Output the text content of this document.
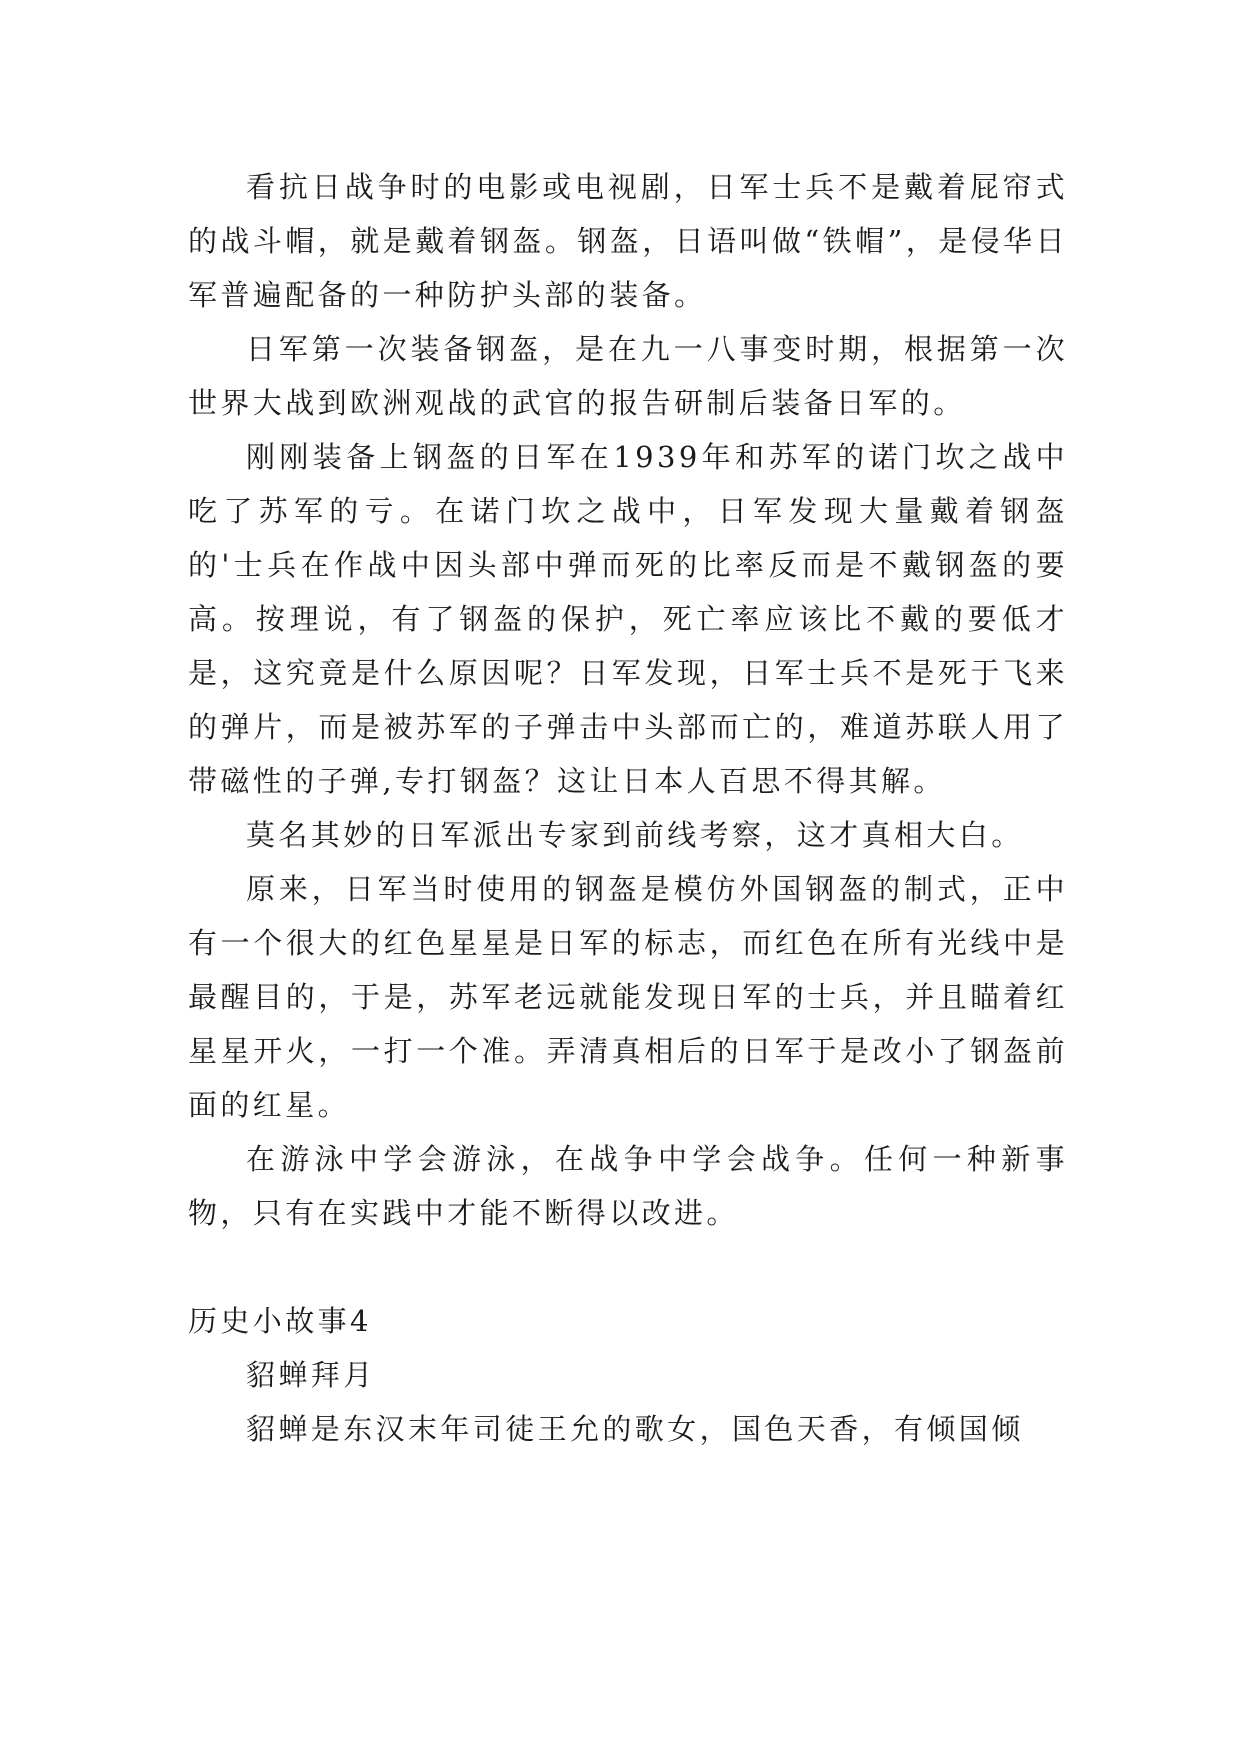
看抗日战争时的电影或电视剧，日军士兵不是戴着屁帘式的战斗帽，就是戴着钢盔。钢盔，日语叫做“铁帽”，是侵华日军普遍配备的一种防护头部的装备。

日军第一次装备钢盔，是在九一八事变时期，根据第一次世界大战到欧洲观战的武官的报告研制后装备日军的。

刚刚装备上钢盔的日军在1939年和苏军的诺门坎之战中吃了苏军的亏。在诺门坎之战中，日军发现大量戴着钢盔的'士兵在作战中因头部中弹而死的比率反而是不戴钢盔的要高。按理说，有了钢盔的保护，死亡率应该比不戴的要低才是，这究竟是什么原因呢？日军发现，日军士兵不是死于飞来的弹片，而是被苏军的子弹击中头部而亡的，难道苏联人用了带磁性的子弹,专打钢盔？这让日本人百思不得其解。

莫名其妙的日军派出专家到前线考察，这才真相大白。

原来，日军当时使用的钢盔是模仿外国钢盔的制式，正中有一个很大的红色星星是日军的标志，而红色在所有光线中是最醒目的，于是，苏军老远就能发现日军的士兵，并且瞄着红星星开火，一打一个准。弄清真相后的日军于是改小了钢盔前面的红星。

在游泳中学会游泳，在战争中学会战争。任何一种新事物，只有在实践中才能不断得以改进。

历史小故事4

貂蝉拜月

貂蝉是东汉末年司徒王允的歌女，国色天香，有倾国倾
